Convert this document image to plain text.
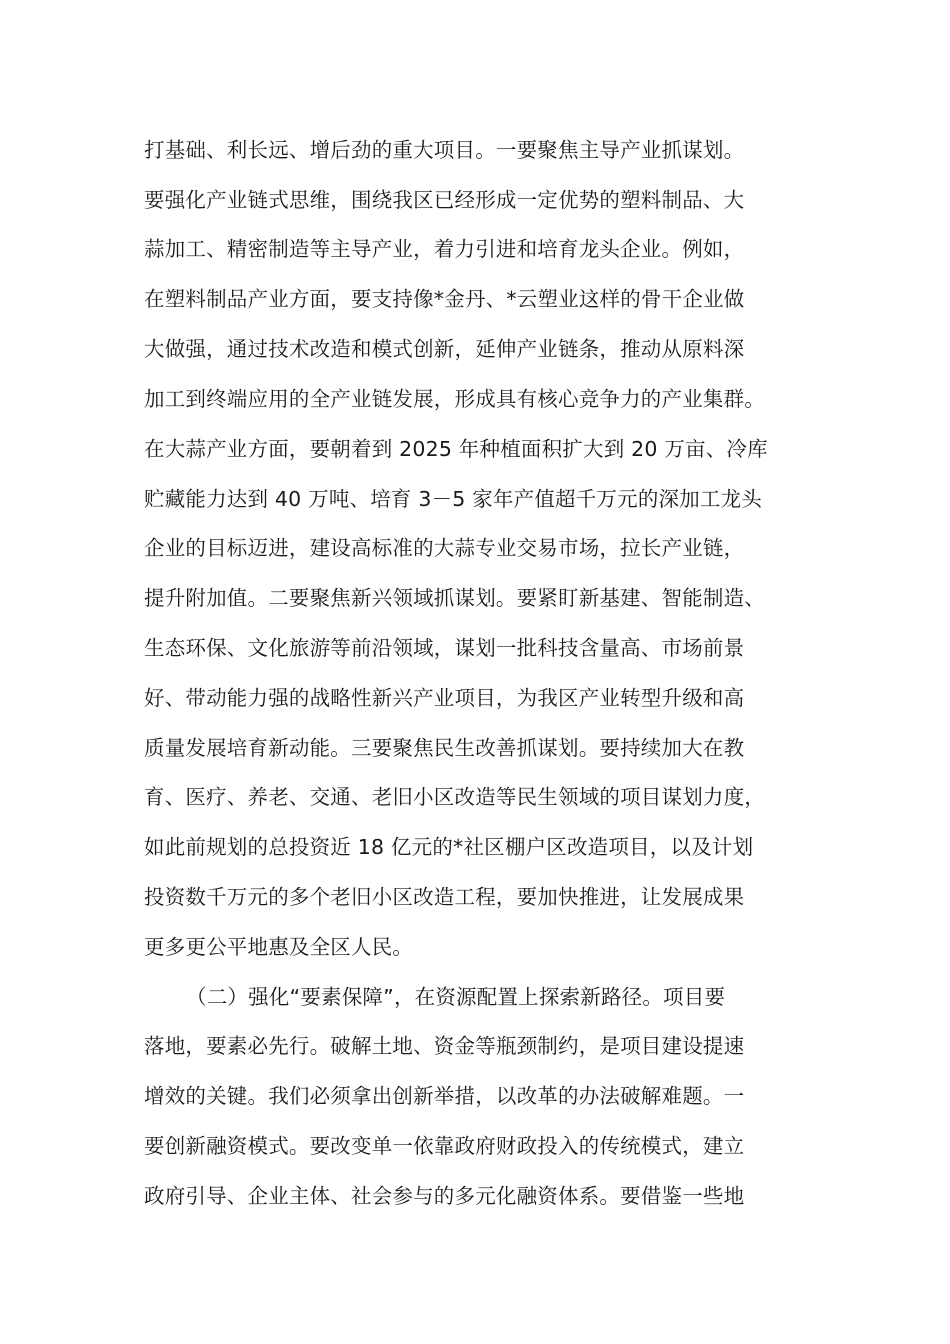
打基础、利长远、增后劲的重大项目。一要聚焦主导产业抓谋划。
要强化产业链式思维，围绕我区已经形成一定优势的塑料制品、大
蒜加工、精密制造等主导产业，着力引进和培育龙头企业。例如，
在塑料制品产业方面，要支持像*金丹、*云塑业这样的骨干企业做
大做强，通过技术改造和模式创新，延伸产业链条，推动从原料深
加工到终端应用的全产业链发展，形成具有核心竞争力的产业集群。
在大蒜产业方面，要朝着到 2025 年种植面积扩大到 20 万亩、冷库
贮藏能力达到 40 万吨、培育 3－5 家年产值超千万元的深加工龙头
企业的目标迈进，建设高标准的大蒜专业交易市场，拉长产业链，
提升附加值。二要聚焦新兴领域抓谋划。要紧盯新基建、智能制造、
生态环保、文化旅游等前沿领域，谋划一批科技含量高、市场前景
好、带动能力强的战略性新兴产业项目，为我区产业转型升级和高
质量发展培育新动能。三要聚焦民生改善抓谋划。要持续加大在教
育、医疗、养老、交通、老旧小区改造等民生领域的项目谋划力度，
如此前规划的总投资近 18 亿元的*社区棚户区改造项目，以及计划
投资数千万元的多个老旧小区改造工程，要加快推进，让发展成果
更多更公平地惠及全区人民。
（二）强化“要素保障”，在资源配置上探索新路径。项目要
落地，要素必先行。破解土地、资金等瓶颈制约，是项目建设提速
增效的关键。我们必须拿出创新举措，以改革的办法破解难题。一
要创新融资模式。要改变单一依靠政府财政投入的传统模式，建立
政府引导、企业主体、社会参与的多元化融资体系。要借鉴一些地
